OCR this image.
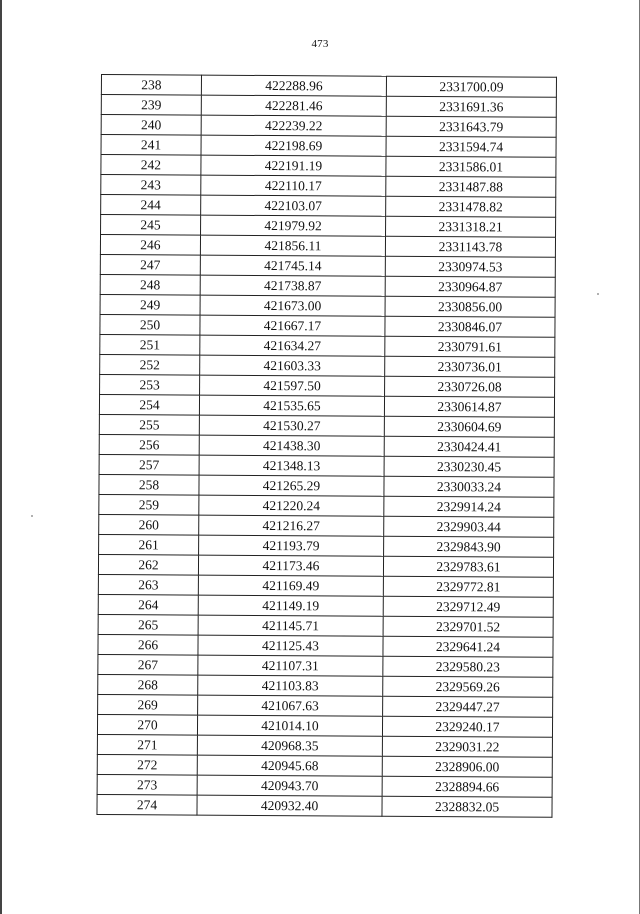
473
238	422288.96	2331700.09
239	422281.46	2331691.36
240	422239.22	2331643.79
241	422198.69	2331594.74
242	422191.19	2331586.01
243	422110.17	2331487.88
244	422103.07	2331478.82
245	421979.92	2331318.21
246	421856.11	2331143.78
247	421745.14	2330974.53
248	421738.87	2330964.87
249	421673.00	2330856.00
250	421667.17	2330846.07
251	421634.27	2330791.61
252	421603.33	2330736.01
253	421597.50	2330726.08
254	421535.65	2330614.87
255	421530.27	2330604.69
256	421438.30	2330424.41
257	421348.13	2330230.45
258	421265.29	2330033.24
259	421220.24	2329914.24
260	421216.27	2329903.44
261	421193.79	2329843.90
262	421173.46	2329783.61
263	421169.49	2329772.81
264	421149.19	2329712.49
265	421145.71	2329701.52
266	421125.43	2329641.24
267	421107.31	2329580.23
268	421103.83	2329569.26
269	421067.63	2329447.27
270	421014.10	2329240.17
271	420968.35	2329031.22
272	420945.68	2328906.00
273	420943.70	2328894.66
274	420932.40	2328832.05
